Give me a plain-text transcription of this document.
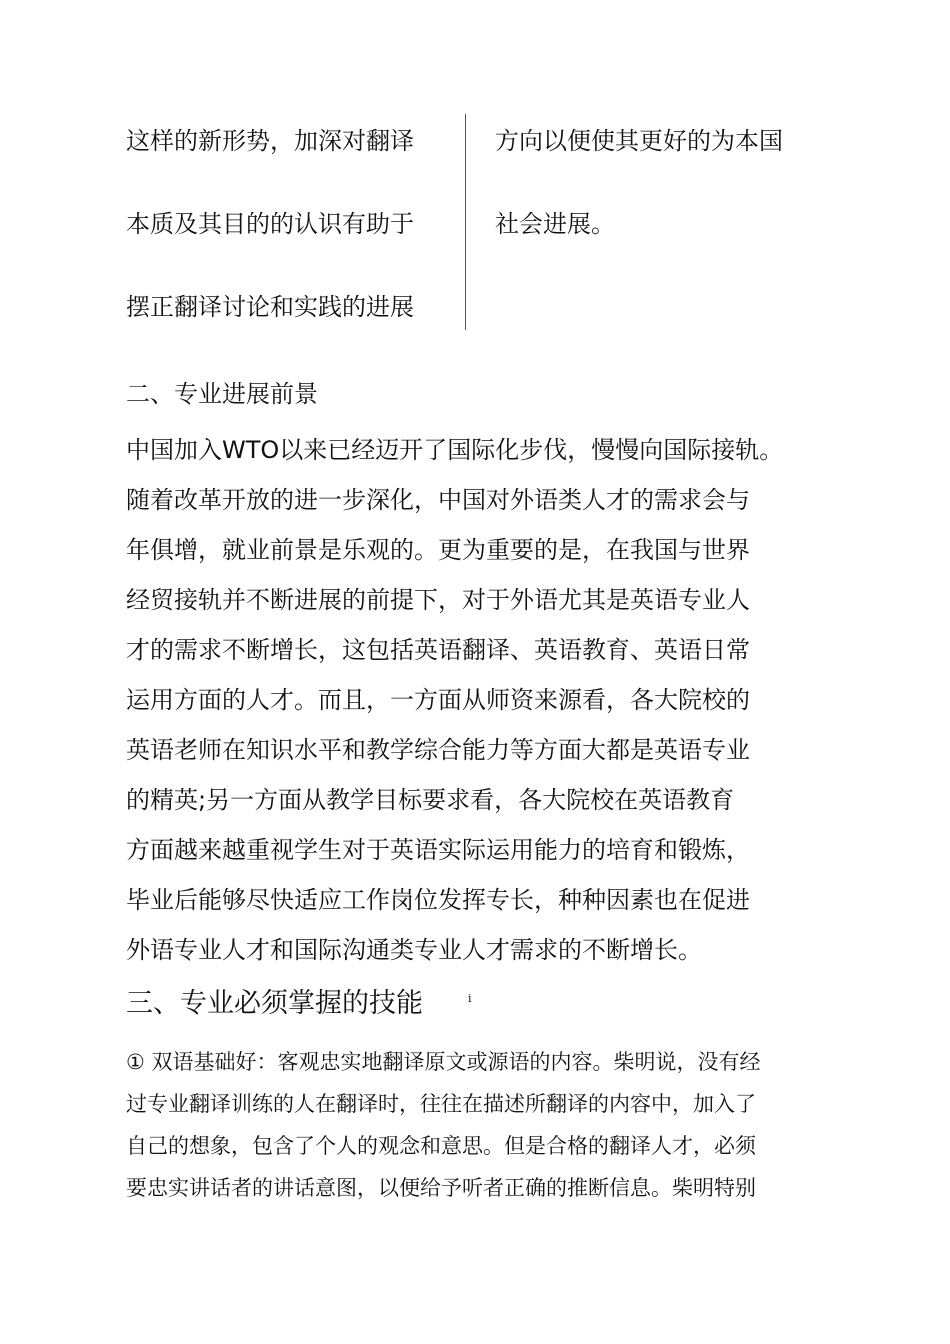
这样的新形势，加深对翻译
本质及其目的的认识有助于
摆正翻译讨论和实践的进展
方向以便使其更好的为本国
社会进展。
二、专业进展前景
中国加入WTO以来已经迈开了国际化步伐，慢慢向国际接轨。
随着改革开放的进一步深化，中国对外语类人才的需求会与
年俱增，就业前景是乐观的。更为重要的是，在我国与世界
经贸接轨并不断进展的前提下，对于外语尤其是英语专业人
才的需求不断增长，这包括英语翻译、英语教育、英语日常
运用方面的人才。而且，一方面从师资来源看，各大院校的
英语老师在知识水平和教学综合能力等方面大都是英语专业
的精英;另一方面从教学目标要求看，各大院校在英语教育
方面越来越重视学生对于英语实际运用能力的培育和锻炼，
毕业后能够尽快适应工作岗位发挥专长，种种因素也在促进
外语专业人才和国际沟通类专业人才需求的不断增长。
三、专业必须掌握的技能	i
① 双语基础好：客观忠实地翻译原文或源语的内容。柴明说，没有经
过专业翻译训练的人在翻译时，往往在描述所翻译的内容中，加入了
自己的想象，包含了个人的观念和意思。但是合格的翻译人才，必须
要忠实讲话者的讲话意图，以便给予听者正确的推断信息。柴明特别
